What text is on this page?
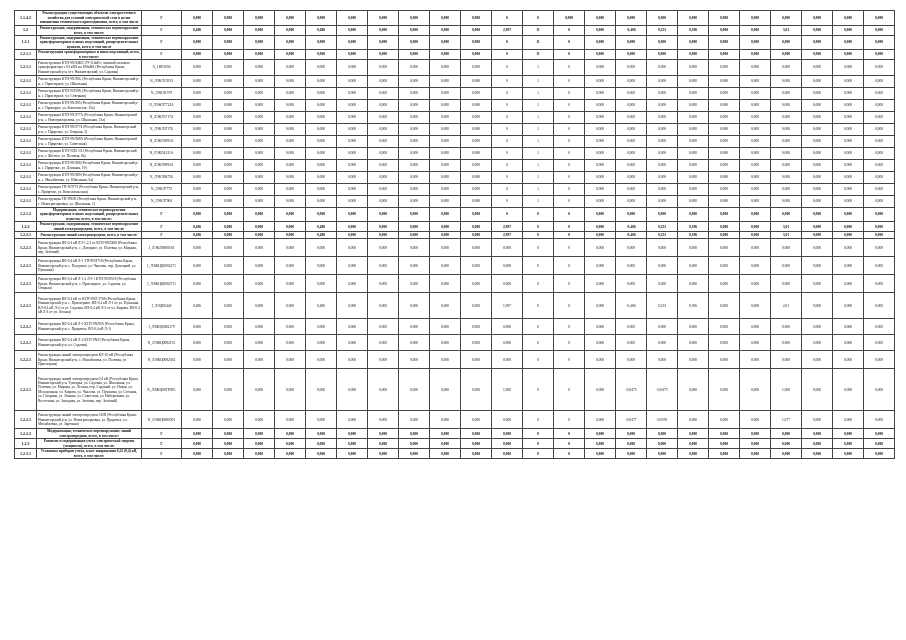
1.1.4.2	Реконструкция существующих объектов электросетевого хозяйства для условий электрической сети в целях повышения технического присоединения, всего, в том числе	Г	0,000	0,000	0,000	0,000	0,000	0,000	0,000	0,000	0,000	0,000	0	0	0,000	0,000	0,000	0,000	0,000	0,000	0,000	0,000	0,000	0,000	0,000
1.2	Реконструкция, модернизация, техническое перевооружение всего, в том числе:	Г	0,486	0,000	0,000	0,000	0,486	0,000	0,000	0,000	0,000	0,000	2,997	11	0	0,000	-0,486	0,253	0,396	0,000	0,000	3,01	0,000	0,000	0,000
1.2.1	Реконструкция, модернизация, техническое перевооружение трансформаторных и иных подстанций, распределительных пунктов, всего, в том числе	Г	0,000	0,000	0,000	0,000	0,000	0,000	0,000	0,000	0,000	0,000	0	11	0	0,000	0,000	0,000	0,000	0,000	0,000	0,000	0,000	0,000	0,000
1.2.1.1	Реконструкция трансформаторных и иных подстанций, всего, в том числе:	Г	0,000	0,000	0,000	0,000	0,000	0,000	0,000	0,000	0,000	0,000	0	11	0	0,000	0,000	0,000	0,000	0,000	0,000	0,000	0,000	0,000	0,000
1.2.1.1	Реконструкция КТП-9NЛ4КЛ, РУ-0,4кВ с заменой силового трансформатора с 63 кВА на 100кВА (Республика Крым, Нижнегорский р-н, пгт. Нижнегорский, ул. Садовая)	A_1DF2056	0,000	0,000	0,000	0,000	0,000	0,000	0,000	0,000	0,000	0,000	0	1	0	0,000	0,000	0,000	0,000	0,000	0,000	0,000	0,000	0,000	0,000
1.2.1.1	Реконструкция КТП-9NЛ94, (Республика Крым, Нижнегорский р-н, с. Приозерное, ул. Школьная)	N_ЛЭКЛ15913	0,000	0,000	0,000	0,000	0,000	0,000	0,000	0,000	0,000	0,000	0	1	0	0,000	0,000	0,000	0,000	0,000	0,000	0,000	0,000	0,000	0,000
1.2.1.1	Реконструкция КТП-NЛ398, (Республика Крым, Нижнегорский р-н, с. Приозерное, ул. Северная)	N_ЛЭКЛ1579	0,000	0,000	0,000	0,000	0,000	0,000	0,000	0,000	0,000	0,000	0	1	0	0,000	0,000	0,000	0,000	0,000	0,000	0,000	0,000	0,000	0,000
1.2.1.1	Реконструкция КТП-9NЛ05 (Республика Крым, Нижнегорский р-н, с. Приморье, ул. Комсомолок, 15а)	N_ЛЭЖЛ7722А	0,000	0,000	0,000	0,000	0,000	0,000	0,000	0,000	0,000	0,000	0	1	0	0,000	0,000	0,000	0,000	0,000	0,000	0,000	0,000	0,000	0,000
1.2.1.1	Реконструкция КТП-9NЛ77А (Республика Крым, Нижнегорский р-н, с. Новогригорьевка, ул. Школьная, 15а)	N_ЛЭКЛ3717А	0,000	0,000	0,000	0,000	0,000	0,000	0,000	0,000	0,000	0,000	0	1	0	0,000	0,000	0,000	0,000	0,000	0,000	0,000	0,000	0,000	0,000
1.2.1.1	Реконструкция КТП-9NЛ774 (Республика Крым, Нижнегорский р-н, с. Приречье, ул. Озерная, 2)	N_ЛЭКЛ3717Б	0,000	0,000	0,000	0,000	0,000	0,000	0,000	0,000	0,000	0,000	0	1	0	0,000	0,000	0,000	0,000	0,000	0,000	0,000	0,000	0,000	0,000
1.2.1.1	Реконструкция КТП-9NЛ68А (Республика Крым, Нижнегорский р-н, с. Приречье, ул. Советская)	N_ЛЭКЛ3991А	0,000	0,000	0,000	0,000	0,000	0,000	0,000	0,000	0,000	0,000	0	1	0	0,000	0,000	0,000	0,000	0,000	0,000	0,000	0,000	0,000	0,000
1.2.1.1	Реконструкция КТП-NЛ2-1А (Республика Крым, Нижнегорский р-н, с. Жёлтое, ул. Полевая, 8а)	N_ЛЭКЛ4121А	0,000	0,000	0,000	0,000	0,000	0,000	0,000	0,000	0,000	0,000	0	1	0	0,000	0,000	0,000	0,000	0,000	0,000	0,000	0,000	0,000	0,000
1.2.1.1	Реконструкция КТП-9NЛ68 (Республика Крым, Нижнегорский р-н, с. Приречье, ул. Длинная, 19)	N_ЛЭКЛ9992А	0,000	0,000	0,000	0,000	0,000	0,000	0,000	0,000	0,000	0,000	0	1	0	0,000	0,000	0,000	0,000	0,000	0,000	0,000	0,000	0,000	0,000
1.2.1.1	Реконструкция КТП-9NЛ89 (Республика Крым, Нижнегорский р-н, с. Михайловка, ул. Школьная, 5а)	N_ЛЭКЛ8475Б	0,000	0,000	0,000	0,000	0,000	0,000	0,000	0,000	0,000	0,000	0	1	0	0,000	0,000	0,000	0,000	0,000	0,000	0,000	0,000	0,000	0,000
1.2.1.1	Реконструкция ТП-NЛ775 (Республика Крым, Нижнегорский р-н, с. Приречье, ул. Комсомольская)	N_ЛЭКЛ7775	0,000	0,000	0,000	0,000	0,000	0,000	0,000	0,000	0,000	0,000	0	1	0	0,000	0,000	0,000	0,000	0,000	0,000	0,000	0,000	0,000	0,000
1.2.1.1	Реконструкция ТП-9NЛ0 (Республика Крым, Нижнегорский р-н, с. Новогригорьевка, ул. Школьная, 1)	N_ЛЭКЛ7904	0,000	0,000	0,000	0,000	0,000	0,000	0,000	0,000	0,000	0,000	0	1	0	0,000	0,000	0,000	0,000	0,000	0,000	0,000	0,000	0,000	0,000
1.2.1.2	Модернизация, техническое перевооружение трансформаторных и иных подстанций, распределительных пунктов, всего, в том числе:	Г	0,000	0,000	0,000	0,000	0,000	0,000	0,000	0,000	0,000	0,000	0	0	0	0,000	0,000	0,000	0,000	0,000	0,000	0,000	0,000	0,000	0,000
1.2.2	Реконструкция, модернизация, техническое перевооружение линий электропередачи, всего, в том числе:	Г	0,486	0,000	0,000	0,000	0,486	0,000	0,000	0,000	0,000	0,000	2,997	0	0	0,000	-0,486	0,253	0,396	0,000	0,000	3,01	0,000	0,000	0,000
1.2.2.1	Реконструкция линий электропередачи, всего, в том числе:	Г	0,486	0,000	0,000	0,000	0,486	0,000	0,000	0,000	0,000	0,000	2,997	0	0	0,000	-0,486	0,253	0,396	0,000	0,000	3,01	0,000	0,000	0,000
1.2.2.1	Реконструкция ВЛ-0,4 кВ ЛЭ-1,2,3 от КТП-9NЛ468 (Республика Крым, Нижнегорский р-н, с. Дозорное, ул. Полевая, ул. Мирная, пер. Зелёный)	J_ЛЭКЛ0080165	0,000	0,000	0,000	0,000	0,000	0,000	0,000	0,000	0,000	0,000	0,000	0	0	0,000	0,000	0,000	0,000	0,000	0,000	0,000	0,000	0,000	0,000
1.2.2.1	Реконструкция ВЛ-0,4 кВ Л-1 ТП-9NЛ718 (Республика Крым, Нижнегорский р-н, с. Плодовое, ул. Чкалова, пер. Донецкий, ул. Пушкина)	J_ЛЭЖЦЦ0082271	0,000	0,000	0,000	0,000	0,000	0,000	0,000	0,000	0,000	0,000	0,000	0	0	0,000	0,000	0,000	0,000	0,000	0,000	0,000	0,000	0,000	0,000
1.2.2.1	Реконструкция ВЛ-0,4 кВ Л-1,2 ЛЭ-1 КТП-9NЛ518 (Республика Крым, Нижнегорский р-н, с. Приозерное, ул. Садовая, ул. Озерная)	J_ЛЭЖЦЦ0082711	0,000	0,000	0,000	0,000	0,000	0,000	0,000	0,000	0,000	0,000	0,000	0	0	0,000	0,000	0,000	0,000	0,000	0,000	0,000	0,000	0,000	0,000
1.2.2.1	Реконструкция ВЛ-0,4 кВ от КТП-9NЛ 5766 (Республика Крым, Нижнегорский р-н, с. Приозерное, ВЛ-0,4 кВ Л-1 от ул. Пушкина, ВЛ-0,4 кВ Л-2 от ул. Садовая, ВЛ-0,4 кВ Л-3 от ул. Кирова, ВЛ-0,4 кВ Л-4 от ул. Лесная)	J_ЛЭЦЕ0440	0,486	0,000	0,000	0,000	0,486	0,000	0,000	0,000	0,000	0,000	1,997	0	0	0,000	-0,486	0,253	0,396	0,000	0,000	2,01	0,000	0,000	0,000
1.2.2.1	Реконструкция ВЛ-0,4 кВ Л-1 КТП-9NЛ9А (Республика Крым, Нижнегорский р-н, с. Приречье, ВЛ-0,4 кВ Л-1)	J_ЛЭЖЦ0082179	0,000	0,000	0,000	0,000	0,000	0,000	0,000	0,000	0,000	0,000	0,000	0	0	0,000	0,000	0,000	0,000	0,000	0,000	0,000	0,000	0,000	0,000
1.2.2.1	Реконструкция ВЛ-0,4 кВ Л-2 КТП-9NЛ (Республика Крым, Нижнегорский р-н, ул. Садовая)	N_ЛЭЖЦ0082101	0,000	0,000	0,000	0,000	0,000	0,000	0,000	0,000	0,000	0,000	0,000	0	0	0,000	0,000	0,000	0,000	0,000	0,000	0,000	0,000	0,000	0,000
1.2.2.1	Реконструкция линий электропередачи КЛ-10 кВ (Республика Крым, Нижнегорский р-н, с. Михайловка, ул. Полевая, ул. Приозерная)	N_ЛЭЖЦ0082302	0,000	0,000	0,000	0,000	0,000	0,000	0,000	0,000	0,000	0,000	0,000	0	0	0,000	0,000	0,000	0,000	0,000	0,000	0,000	0,000	0,000	0,000
1.2.2.1	Реконструкция линий электропередачи 0,4 кВ (Республика Крым, Нижнегорский р-н, Тунгарка, ул. Садовая, ул. Школьная, ул. Полевая, ул. Мирная, ул. Лесная, пер. Садовый, ул. Новая, ул. Молодежная, ул. Кирова, ул. Чкалова, ул. Пушкина, ул. Степная, ул. Гагарина, ул. Ленина, ул. Советская, ул. Набережная, ул. Восточная, ул. Западная, ул. Зелёная, пер. Зелёный)	N_ЛЭЖЦ00ТР05С	0,000	0,000	0,000	0,000	0,000	0,000	0,000	0,000	0,000	0,000	1,000	0	0	0,000	-0,0475	-0,0475	0,000	0,000	0,000	1,000	0,000	0,000	0,000
1.2.2.1	Реконструкция линий электропередачи СИП (Республика Крым, Нижнегорский р-н, ул. Новогригорьевка, ул. Приречье, ул. Михайловка, ул. Заречная)	N_ЛЭЖЦ0080501	0,000	0,000	0,000	0,000	0,000	0,000	0,000	0,000	0,000	0,000	0,000	0	0	0,000	-0,0477	-0,0591	0,000	0,000	0,000	1,077	0,000	0,000	0,000
1.2.2.2	Модернизация, техническое перевооружение линий электропередачи, всего, в том числе:	Г	0,000	0,000	0,000	0,000	0,000	0,000	0,000	0,000	0,000	0,000	0,000	0	0	0,000	0,000	0,000	0,000	0,000	0,000	0,000	0,000	0,000	0,000
1.2.3	Развитие и модернизация учета электрической энергии (мощности), всего, в том числе:	Г	0,000	0,000	0,000	0,000	0,000	0,000	0,000	0,000	0,000	0,000	0,000	0	0	0,000	0,000	0,000	0,000	0,000	0,000	0,000	0,000	0,000	0,000
1.2.3.1	Установка приборов учета, класс напряжения 0,22 (0,4) кВ, всего, в том числе:	Г	0,000	0,000	0,000	0,000	0,000	0,000	0,000	0,000	0,000	0,000	0,000	0	0	0,000	0,000	0,000	0,000	0,000	0,000	0,000	0,000	0,000	0,000
